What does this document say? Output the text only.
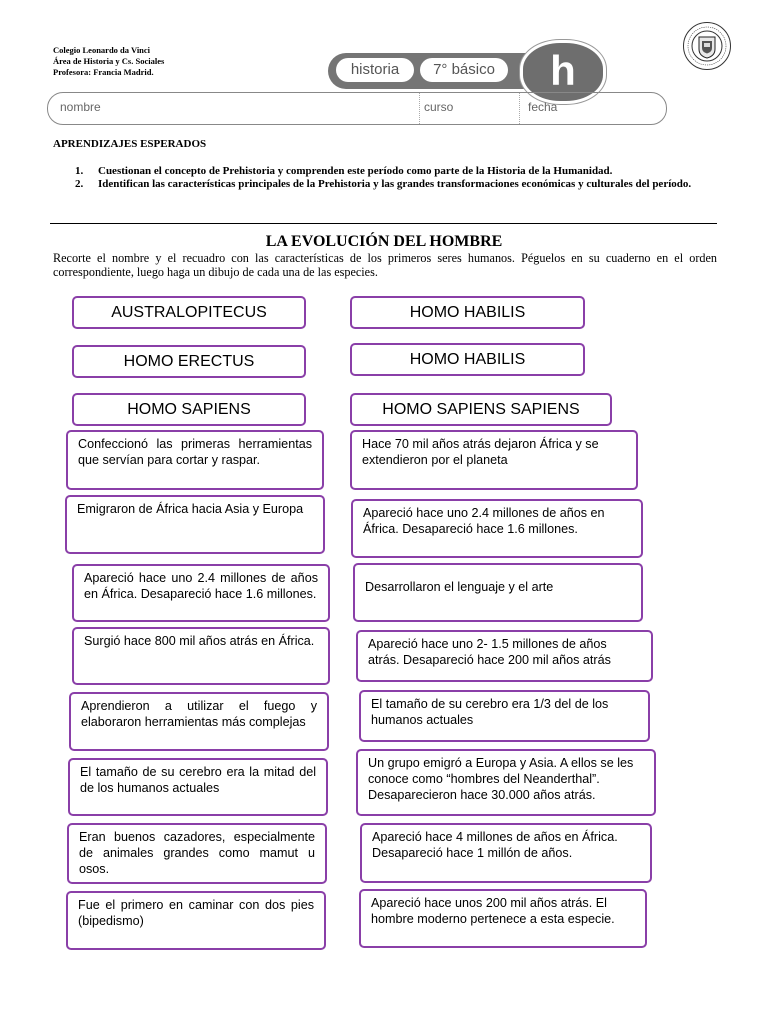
Colegio Leonardo da Vinci
Área de Historia y Cs. Sociales
Profesora: Francia Madrid.	historia	7° básico	h
nombre	curso	fecha
APRENDIZAJES ESPERADOS
1. Cuestionan el concepto de Prehistoria y comprenden este período como parte de la Historia de la Humanidad.
2. Identifican las características principales de la Prehistoria y las grandes transformaciones económicas y culturales del período.
LA EVOLUCIÓN DEL HOMBRE
Recorte el nombre y el recuadro con las características de los primeros seres humanos. Péguelos en su cuaderno en el orden correspondiente, luego haga un dibujo de cada una de las especies.
AUSTRALOPITECUS	HOMO HABILIS
HOMO ERECTUS	HOMO HABILIS
HOMO SAPIENS	HOMO SAPIENS SAPIENS
Confeccionó las primeras herramientas que servían para cortar y raspar.
Emigraron de África hacia Asia y Europa
Apareció hace uno 2.4 millones de años en África. Desapareció hace 1.6 millones.
Surgió hace 800 mil años atrás en África.
Aprendieron a utilizar el fuego y elaboraron herramientas más complejas
El tamaño de su cerebro era la mitad del de los humanos actuales
Eran buenos cazadores, especialmente de animales grandes como mamut u osos.
Fue el primero en caminar con dos pies (bipedismo)
Hace 70 mil años atrás dejaron África y se extendieron por el planeta
Apareció hace uno 2.4 millones de años en África. Desapareció hace 1.6 millones.
Desarrollaron el lenguaje y el arte
Apareció hace uno 2- 1.5 millones de años atrás. Desapareció hace 200 mil años atrás
El tamaño de su cerebro era 1/3 del de los humanos actuales
Un grupo emigró a Europa y Asia. A ellos se les conoce como “hombres del Neanderthal”. Desaparecieron hace 30.000 años atrás.
Apareció hace 4 millones de años en África. Desapareció hace 1 millón de años.
Apareció hace unos 200 mil años atrás. El hombre moderno pertenece a esta especie.
